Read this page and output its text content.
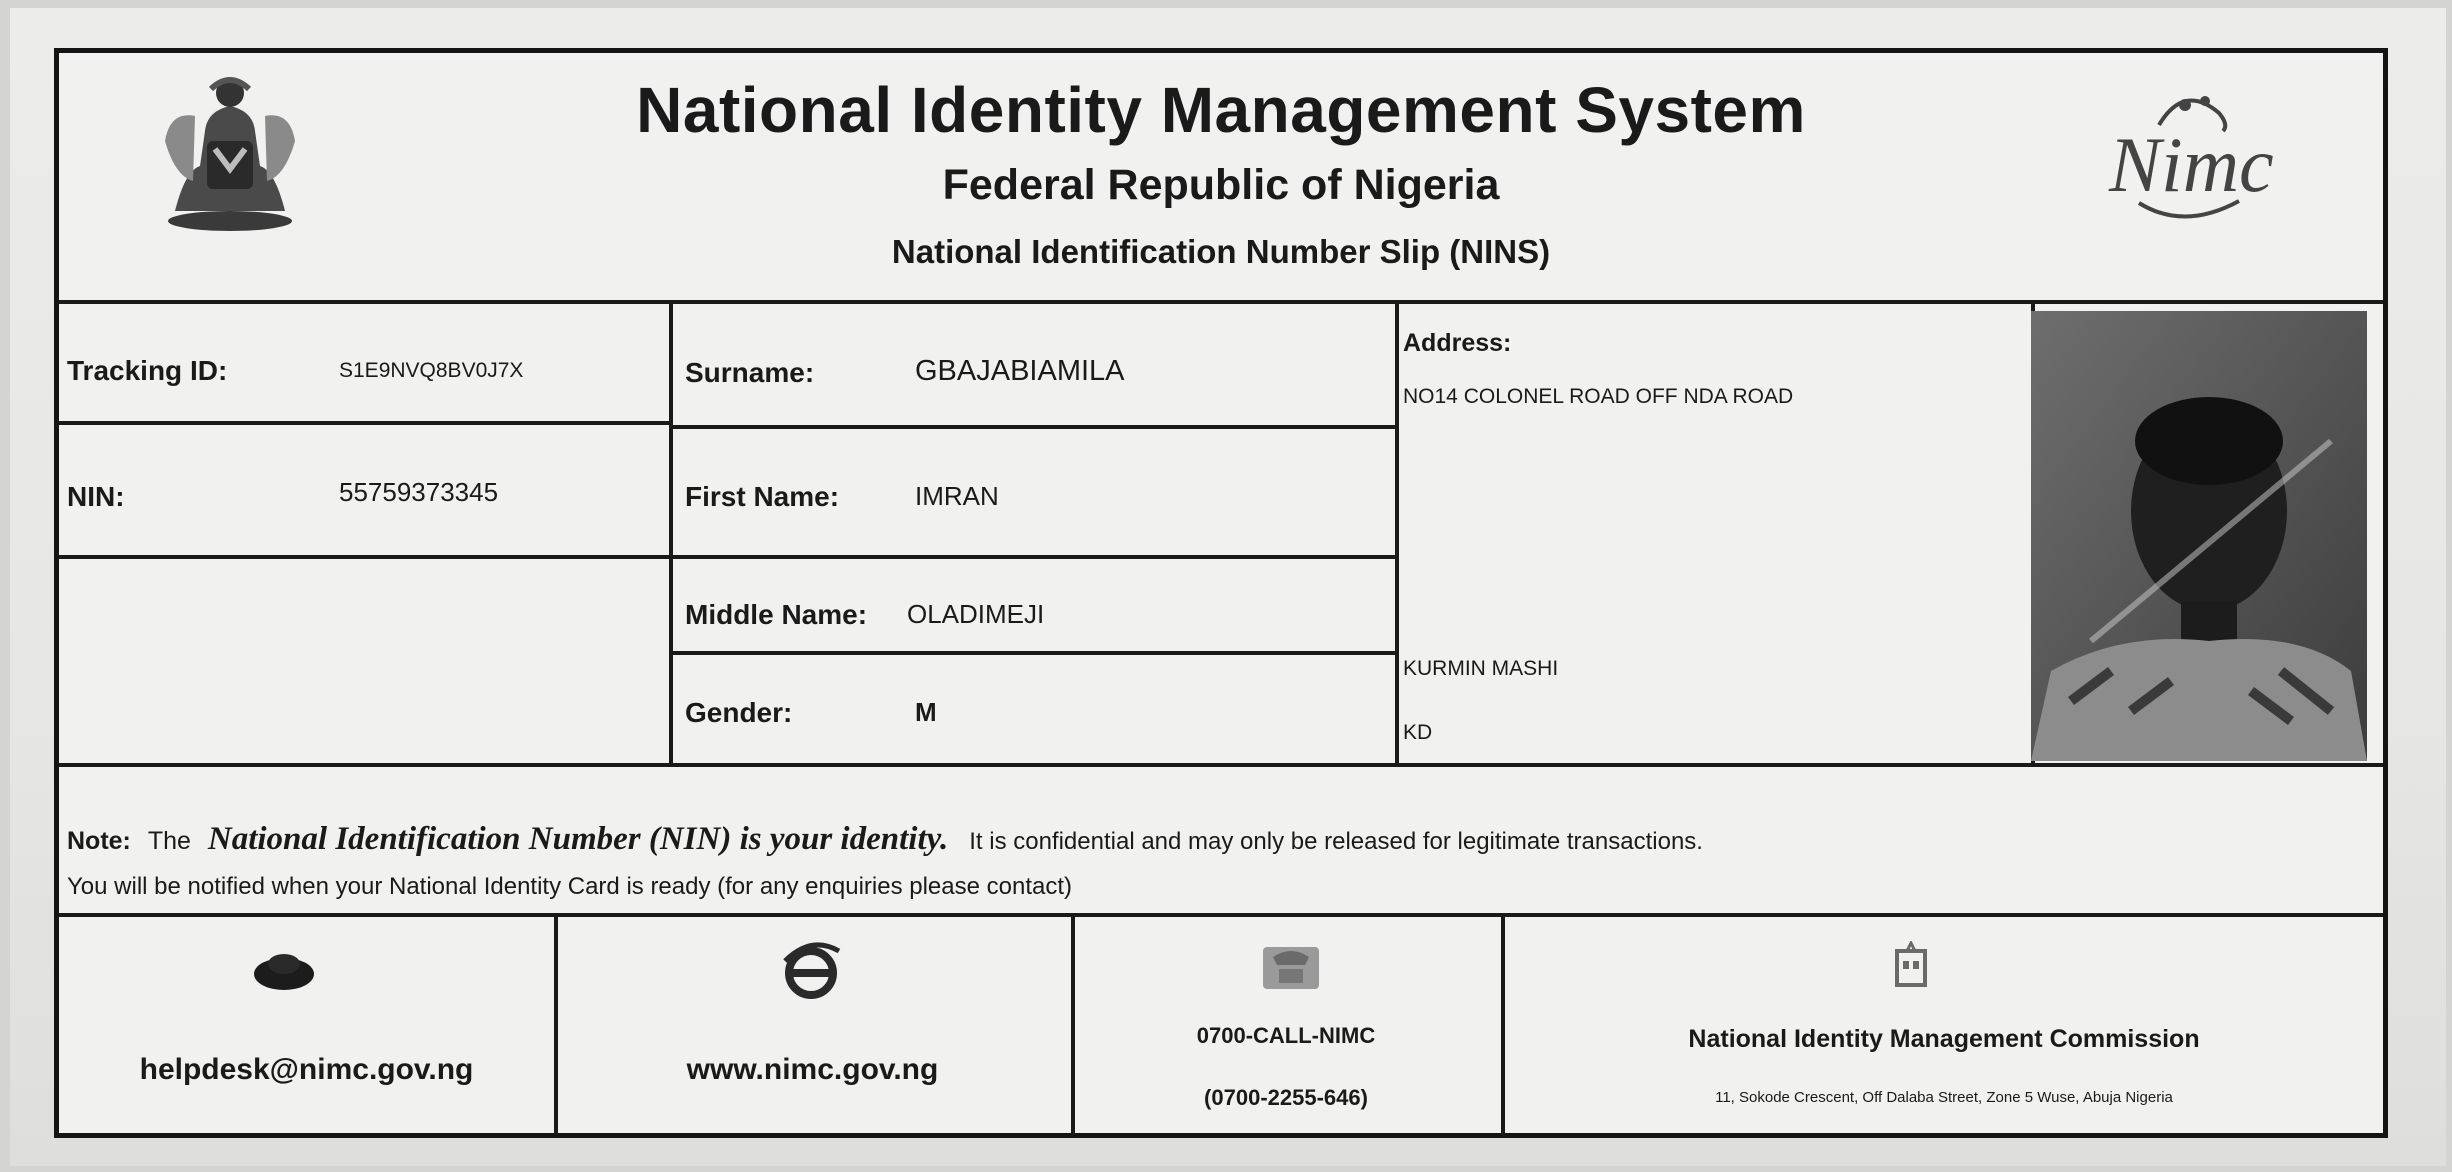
National Identity Management System
Federal Republic of Nigeria
National Identification Number Slip (NINS)
Nimc
Tracking ID:	S1E9NVQ8BV0J7X
NIN:	55759373345
Surname:	GBAJABIAMILA
First Name:	IMRAN
Middle Name: OLADIMEJI
Gender:	M
Address:
NO14 COLONEL ROAD OFF NDA ROAD
KURMIN MASHI
KD
Note: The National Identification Number (NIN) is your identity. It is confidential and may only be released for legitimate transactions.
You will be notified when your National Identity Card is ready (for any enquiries please contact)
helpdesk@nimc.gov.ng	www.nimc.gov.ng
0700-CALL-NIMC
(0700-2255-646)
National Identity Management Commission
11, Sokode Crescent, Off Dalaba Street, Zone 5 Wuse, Abuja Nigeria
